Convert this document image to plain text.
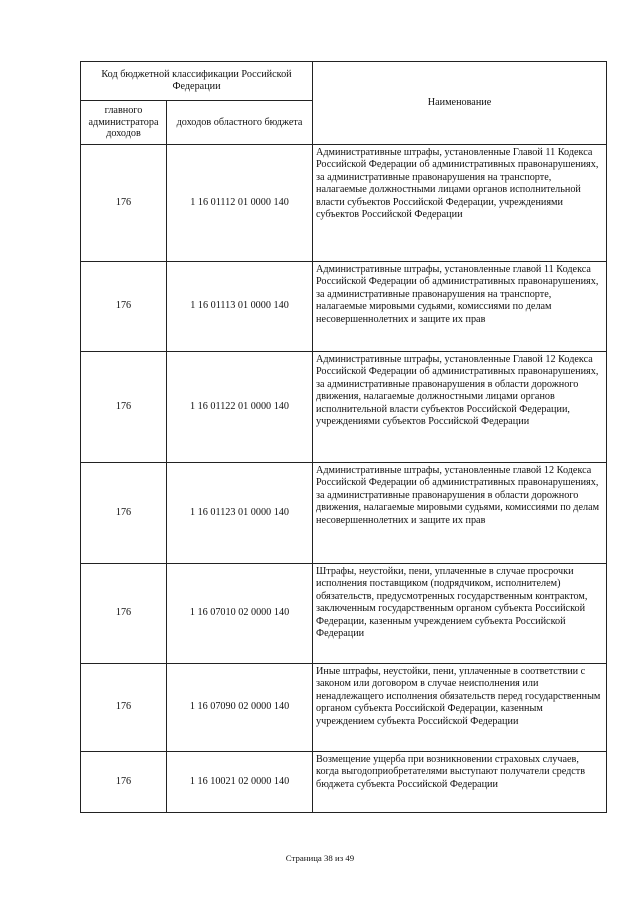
Код бюджетной классификации Российской Федерации		Наименование
главного администратора доходов	доходов областного бюджета	
176	1 16 01112 01 0000 140	Административные штрафы, установленные Главой 11 Кодекса Российской Федерации об административных правонарушениях, за административные правонарушения на транспорте, налагаемые должностными лицами органов исполнительной власти субъектов Российской Федерации, учреждениями субъектов Российской Федерации
176	1 16 01113 01 0000 140	Административные штрафы, установленные главой 11 Кодекса Российской Федерации об административных правонарушениях, за административные правонарушения на транспорте, налагаемые мировыми судьями, комиссиями по делам несовершеннолетних и защите их прав
176	1 16 01122 01 0000 140	Административные штрафы, установленные Главой 12 Кодекса Российской Федерации об административных правонарушениях, за административные правонарушения в области дорожного движения, налагаемые должностными лицами органов исполнительной власти субъектов Российской Федерации, учреждениями субъектов Российской Федерации
176	1 16 01123 01 0000 140	Административные штрафы, установленные главой 12 Кодекса Российской Федерации об административных правонарушениях, за административные правонарушения в области дорожного движения, налагаемые мировыми судьями, комиссиями по делам несовершеннолетних и защите их прав
176	1 16 07010 02 0000 140	Штрафы, неустойки, пени, уплаченные в случае просрочки исполнения поставщиком (подрядчиком, исполнителем) обязательств, предусмотренных государственным контрактом, заключенным государственным органом субъекта Российской Федерации, казенным учреждением субъекта Российской Федерации
176	1 16 07090 02 0000 140	Иные штрафы, неустойки, пени, уплаченные в соответствии с законом или договором в случае неисполнения или ненадлежащего исполнения обязательств перед государственным органом субъекта Российской Федерации, казенным учреждением субъекта Российской Федерации
176	1 16 10021 02 0000 140	Возмещение ущерба при возникновении страховых случаев, когда выгодоприобретателями выступают получатели средств бюджета субъекта Российской Федерации
Страница 38 из 49
